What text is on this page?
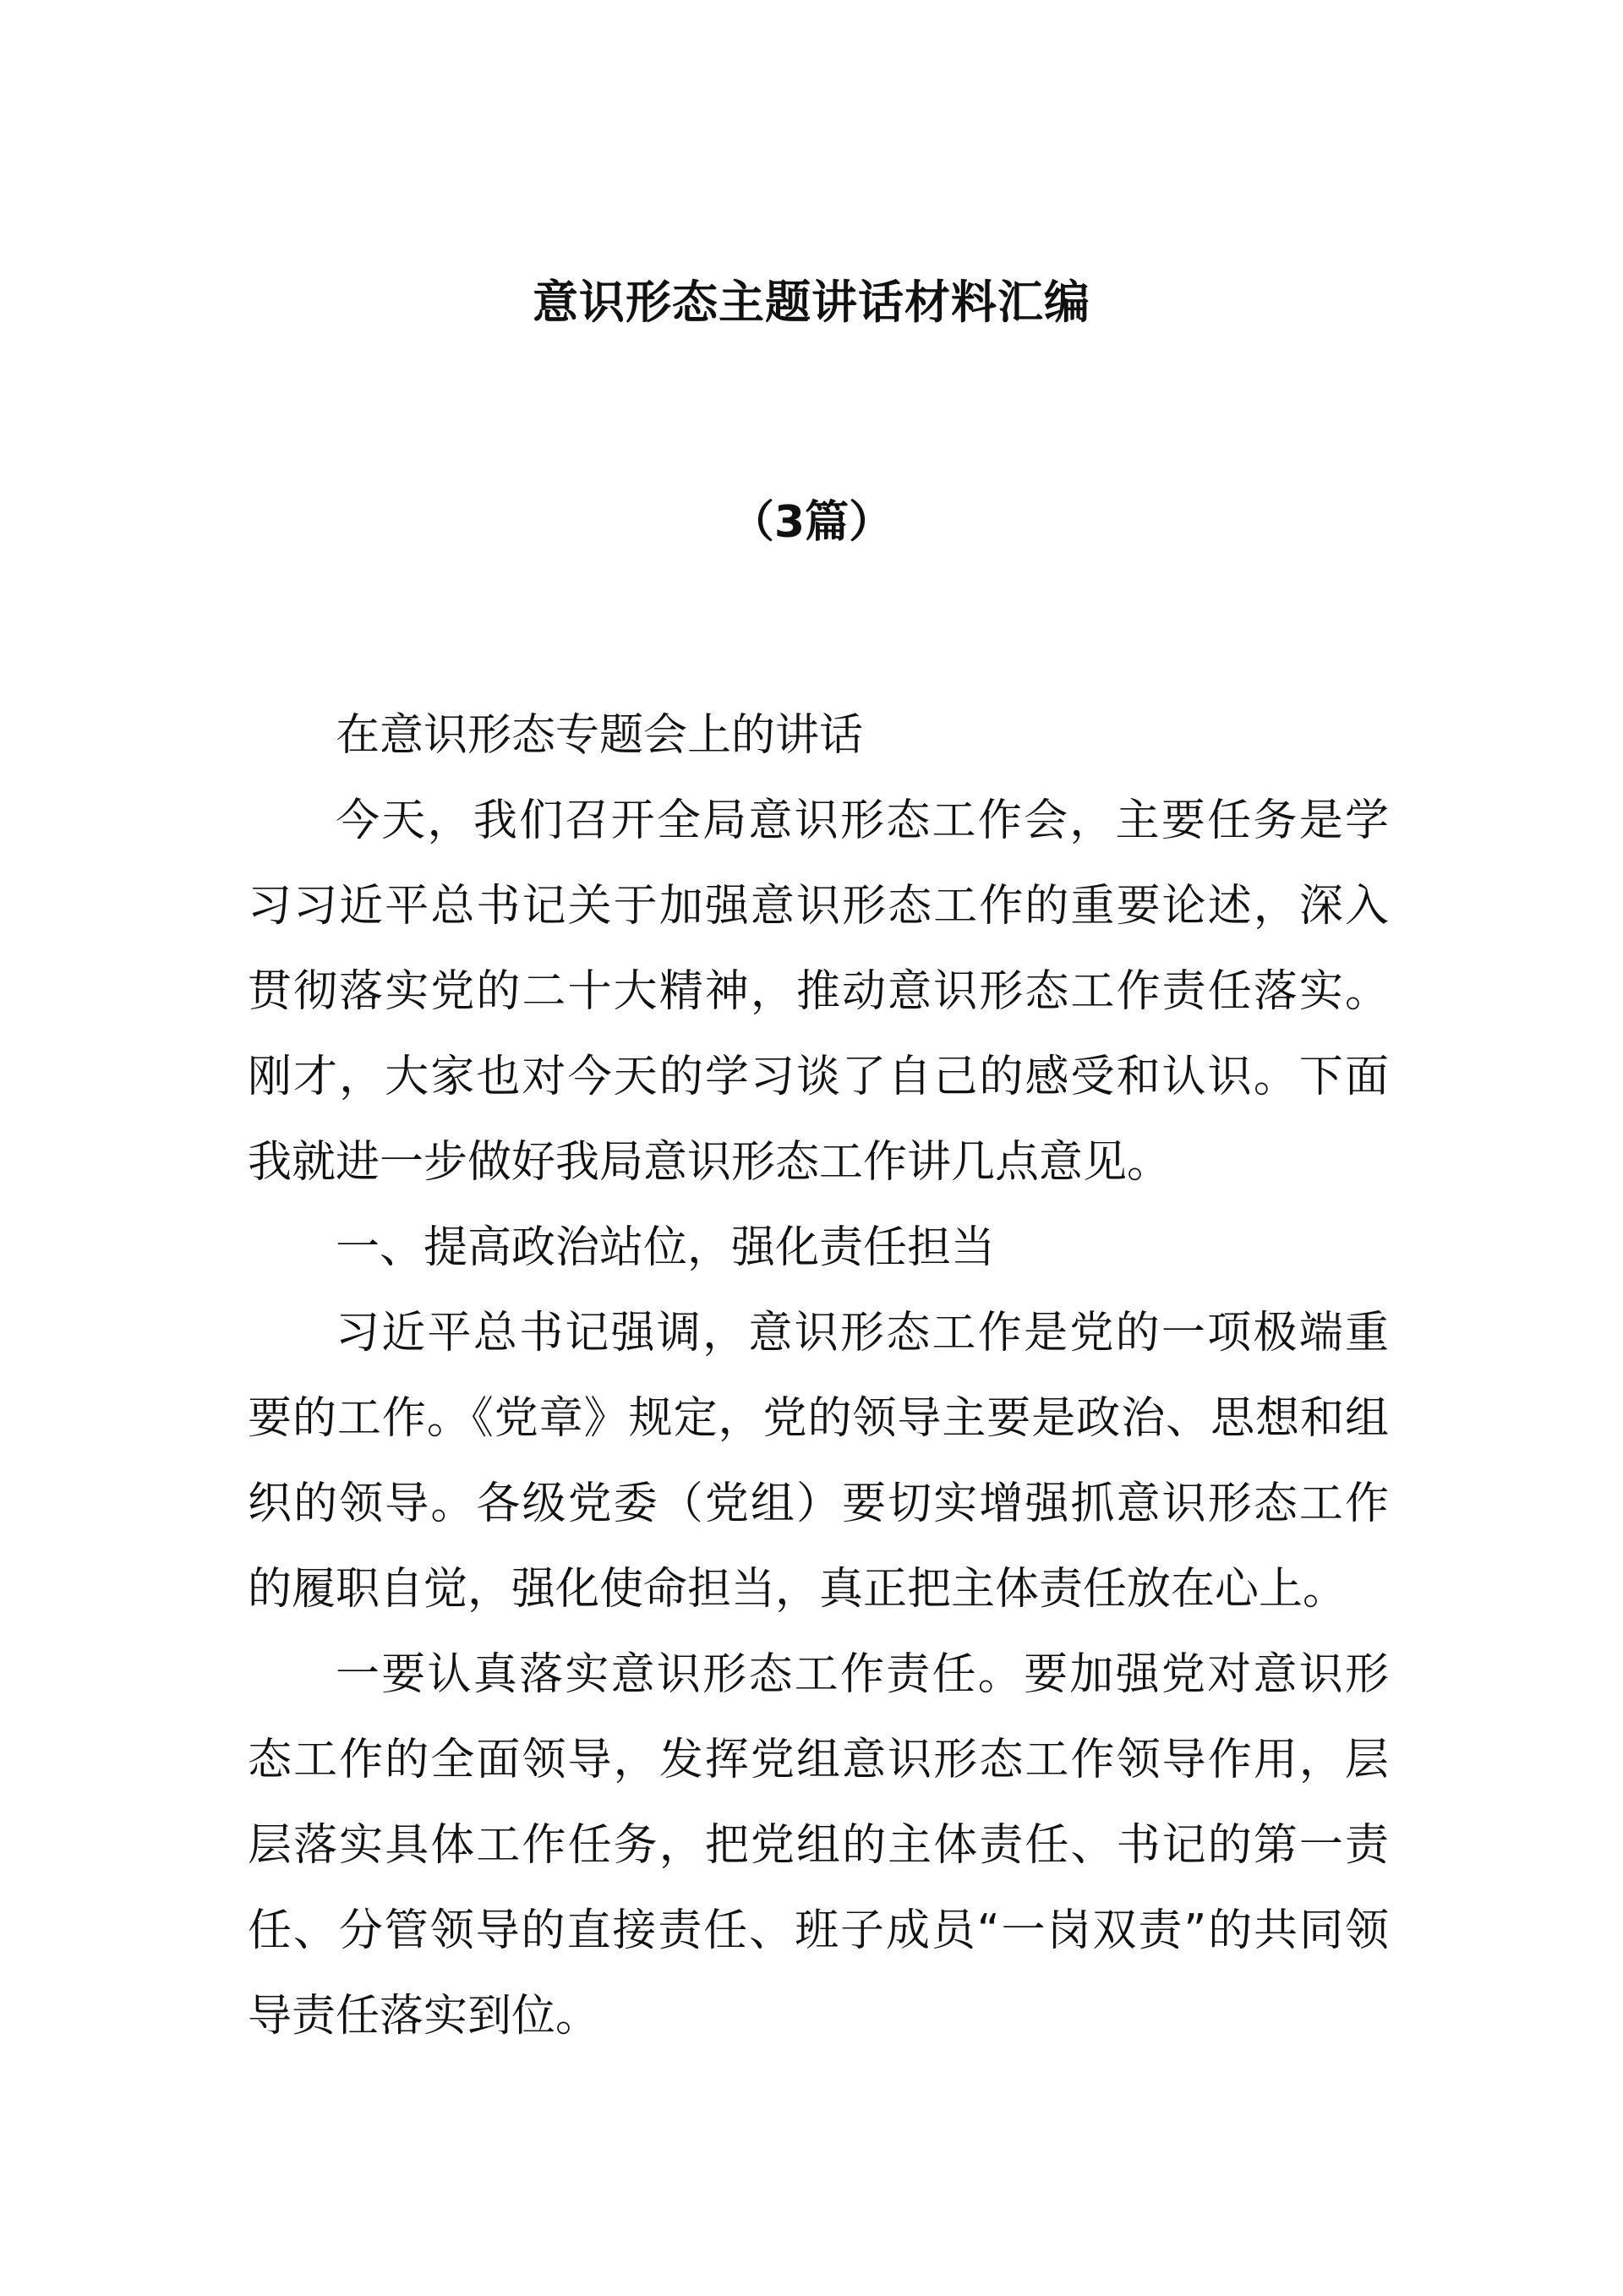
意识形态主题讲话材料汇编
（3篇）

在意识形态专题会上的讲话

今天，我们召开全局意识形态工作会，主要任务是学习习近平总书记关于加强意识形态工作的重要论述，深入贯彻落实党的二十大精神，推动意识形态工作责任落实。刚才，大家也对今天的学习谈了自己的感受和认识。下面我就进一步做好我局意识形态工作讲几点意见。

一、提高政治站位，强化责任担当

习近平总书记强调，意识形态工作是党的一项极端重要的工作。《党章》规定，党的领导主要是政治、思想和组织的领导。各级党委（党组）要切实增强抓意识形态工作的履职自觉，强化使命担当，真正把主体责任放在心上。

一要认真落实意识形态工作责任。要加强党对意识形态工作的全面领导，发挥党组意识形态工作领导作用，层层落实具体工作任务，把党组的主体责任、书记的第一责任、分管领导的直接责任、班子成员“一岗双责”的共同领导责任落实到位。
